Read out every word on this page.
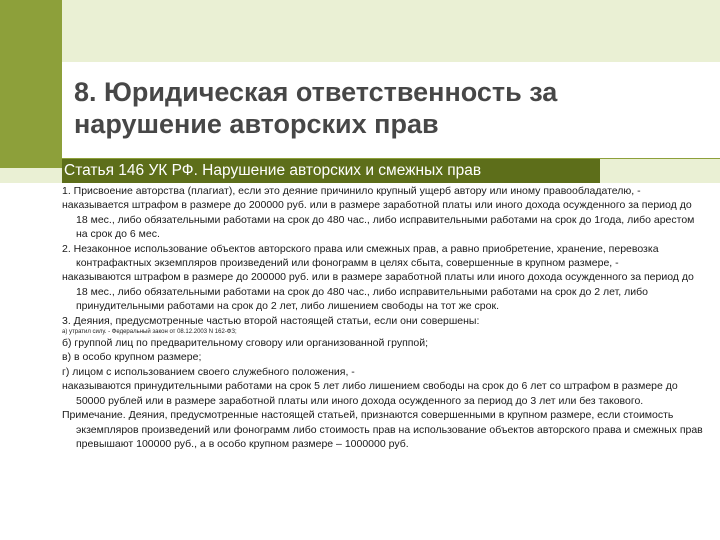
8. Юридическая ответственность за
нарушение авторских прав
Статья 146 УК РФ. Нарушение авторских и смежных прав
1. Присвоение авторства (плагиат), если это деяние причинило крупный ущерб автору или иному правообладателю, -
наказывается штрафом в размере до 200000 руб. или в размере заработной платы или иного дохода осужденного за период до 18 мес., либо обязательными работами на срок до 480 час., либо исправительными работами на срок до 1года, либо арестом на срок до 6 мес.
2. Незаконное использование объектов авторского права или смежных прав, а равно приобретение, хранение, перевозка контрафактных экземпляров произведений или фонограмм в целях сбыта, совершенные в крупном размере, -
наказываются штрафом в размере до 200000 руб. или в размере заработной платы или иного дохода осужденного за период до 18 мес., либо обязательными работами на срок до 480 час., либо исправительными работами на срок до 2 лет, либо принудительными работами на срок до 2 лет, либо лишением свободы на тот же срок.
3. Деяния, предусмотренные частью второй настоящей статьи, если они совершены:
а) утратил силу. - Федеральный закон от 08.12.2003 N 162-ФЗ;
б) группой лиц по предварительному сговору или организованной группой;
в) в особо крупном размере;
г) лицом с использованием своего служебного положения, -
наказываются принудительными работами на срок 5 лет либо лишением свободы на срок до 6 лет со штрафом в размере до 50000 рублей или в размере заработной платы или иного дохода осужденного за период до 3 лет или без такового.
Примечание. Деяния, предусмотренные настоящей статьей, признаются совершенными в крупном размере, если стоимость экземпляров произведений или фонограмм либо стоимость прав на использование объектов авторского права и смежных прав превышают 100000 руб., а в особо крупном размере – 1000000 руб.
